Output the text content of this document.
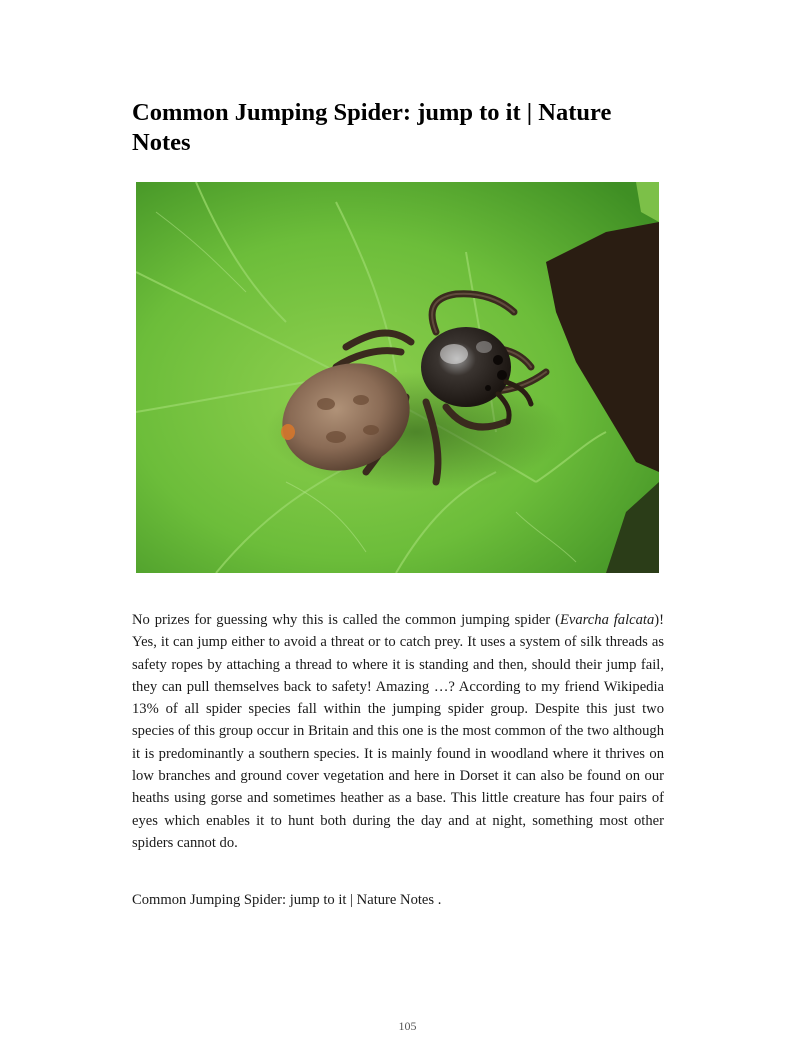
Common Jumping Spider: jump to it | Nature Notes

No prizes for guessing why this is called the common jumping spider (Evarcha falcata)! Yes, it can jump either to avoid a threat or to catch prey. It uses a system of silk threads as safety ropes by attaching a thread to where it is standing and then, should their jump fail, they can pull themselves back to safety! Amazing …? According to my friend Wikipedia 13% of all spider species fall within the jumping spider group. Despite this just two species of this group occur in Britain and this one is the most common of the two although it is predominantly a southern species. It is mainly found in woodland where it thrives on low branches and ground cover vegetation and here in Dorset it can also be found on our heaths using gorse and sometimes heather as a base. This little creature has four pairs of eyes which enables it to hunt both during the day and at night, something most other spiders cannot do.

Common Jumping Spider: jump to it | Nature Notes .

105
